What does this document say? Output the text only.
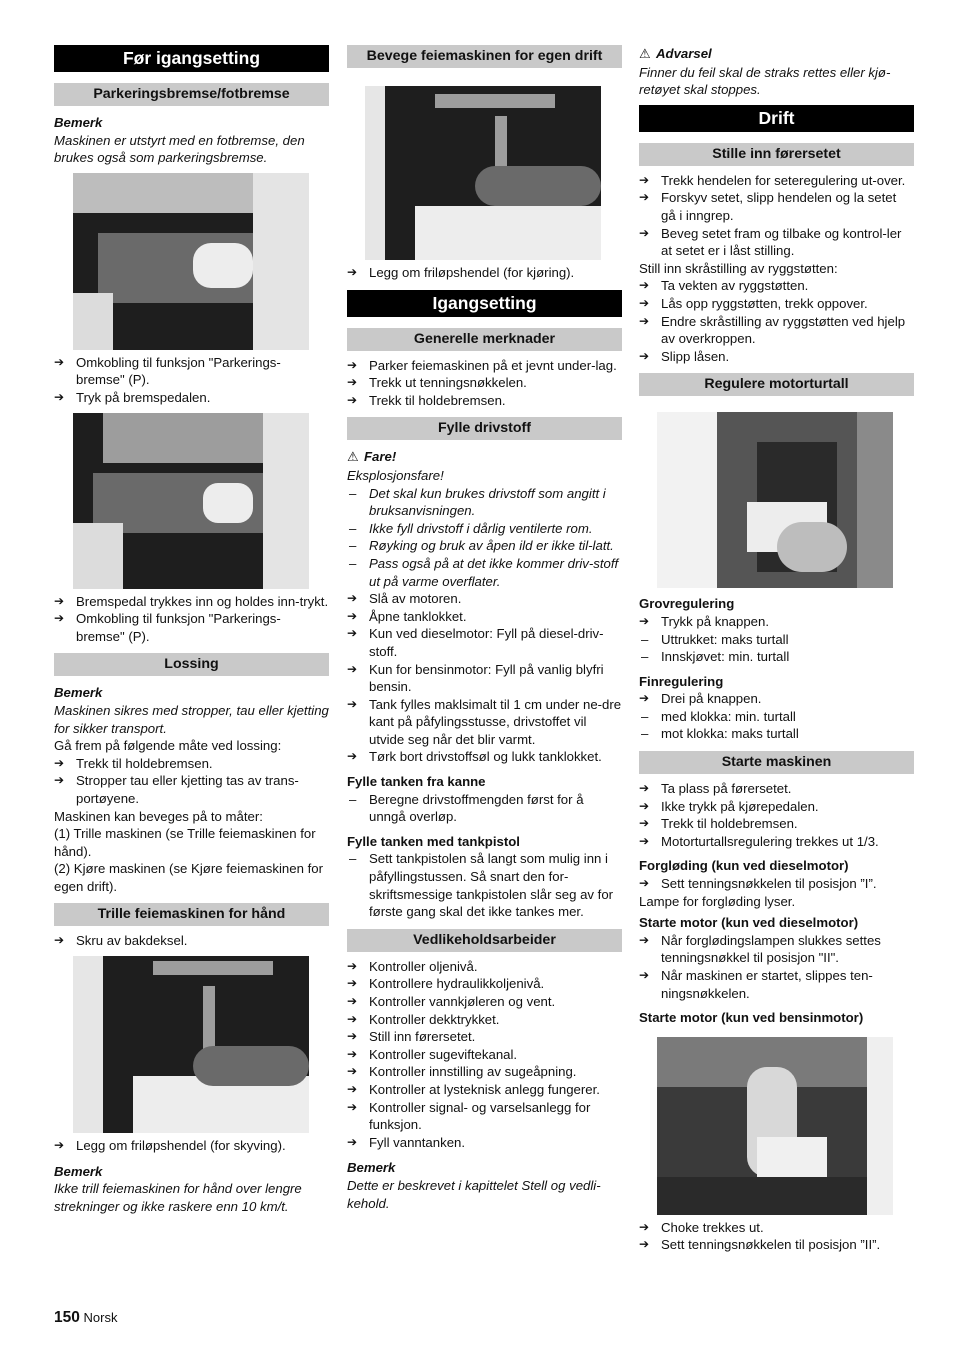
Før igangsetting
Parkeringsbremse/fotbremse
Bemerk
Maskinen er utstyrt med en fotbremse, den brukes også som parkeringsbremse.
➔ Omkobling til funksjon "Parkerings-bremse" (P).
➔ Tryk på bremspedalen.
➔ Bremspedal trykkes inn og holdes inn-trykt.
➔ Omkobling til funksjon "Parkerings-bremse" (P).
Lossing
Bemerk
Maskinen sikres med stropper, tau eller kjetting for sikker transport.
Gå frem på følgende måte ved lossing:
➔ Trekk til holdebremsen.
➔ Stropper tau eller kjetting tas av trans-portøyene.
Maskinen kan beveges på to måter:
(1) Trille maskinen (se Trille feiemaskinen for hånd).
(2) Kjøre maskinen (se Kjøre feiemaskinen for egen drift).
Trille feiemaskinen for hånd
➔ Skru av bakdeksel.
➔ Legg om friløpshendel (for skyving).
Bemerk
Ikke trill feiemaskinen for hånd over lengre strekninger og ikke raskere enn 10 km/t.
Bevege feiemaskinen for egen drift
➔ Legg om friløpshendel (for kjøring).
Igangsetting
Generelle merknader
➔ Parker feiemaskinen på et jevnt under-lag.
➔ Trekk ut tenningsnøkkelen.
➔ Trekk til holdebremsen.
Fylle drivstoff
⚠ Fare!
Eksplosjonsfare!
– Det skal kun brukes drivstoff som angitt i bruksanvisningen.
– Ikke fyll drivstoff i dårlig ventilerte rom.
– Røyking og bruk av åpen ild er ikke til-latt.
– Pass også på at det ikke kommer driv-stoff ut på varme overflater.
➔ Slå av motoren.
➔ Åpne tanklokket.
➔ Kun ved dieselmotor: Fyll på diesel-driv-stoff.
➔ Kun for bensinmotor: Fyll på vanlig blyfri bensin.
➔ Tank fylles maklsimalt til 1 cm under ne-dre kant på påfylingsstusse, drivstoffet vil utvide seg når det blir varmt.
➔ Tørk bort drivstoffsøl og lukk tanklokket.
Fylle tanken fra kanne
– Beregne drivstoffmengden først for å unngå overløp.
Fylle tanken med tankpistol
– Sett tankpistolen så langt som mulig inn i påfyllingstussen. Så snart den for-skriftsmessige tankpistolen slår seg av for første gang skal det ikke tankes mer.
Vedlikeholdsarbeider
➔ Kontroller oljenivå.
➔ Kontrollere hydraulikkoljenivå.
➔ Kontroller vannkjøleren og vent.
➔ Kontroller dekktrykket.
➔ Still inn førersetet.
➔ Kontroller sugeviftekanal.
➔ Kontroller innstilling av sugeåpning.
➔ Kontroller at lysteknisk anlegg fungerer.
➔ Kontroller signal- og varselsanlegg for funksjon.
➔ Fyll vanntanken.
Bemerk
Dette er beskrevet i kapittelet Stell og vedli-kehold.
⚠ Advarsel
Finner du feil skal de straks rettes eller kjø-retøyet skal stoppes.
Drift
Stille inn førersetet
➔ Trekk hendelen for seteregulering ut-over.
➔ Forskyv setet, slipp hendelen og la setet gå i inngrep.
➔ Beveg setet fram og tilbake og kontrol-ler at setet er i låst stilling.
Still inn skråstilling av ryggstøtten:
➔ Ta vekten av ryggstøtten.
➔ Lås opp ryggstøtten, trekk oppover.
➔ Endre skråstilling av ryggstøtten ved hjelp av overkroppen.
➔ Slipp låsen.
Regulere motorturtall
Grovregulering
➔ Trykk på knappen.
– Uttrukket: maks turtall
– Innskjøvet: min. turtall
Finregulering
➔ Drei på knappen.
– med klokka: min. turtall
– mot klokka: maks turtall
Starte maskinen
➔ Ta plass på førersetet.
➔ Ikke trykk på kjørepedalen.
➔ Trekk til holdebremsen.
➔ Motorturtallsregulering trekkes ut 1/3.
Forgløding (kun ved dieselmotor)
➔ Sett tenningsnøkkelen til posisjon ”I”.
Lampe for forgløding lyser.
Starte motor (kun ved dieselmotor)
➔ Når forglødingslampen slukkes settes tenningsnøkkel til posisjon "II".
➔ Når maskinen er startet, slippes ten-ningsnøkkelen.
Starte motor (kun ved bensinmotor)
➔ Choke trekkes ut.
➔ Sett tenningsnøkkelen til posisjon ”II”.
150 Norsk
